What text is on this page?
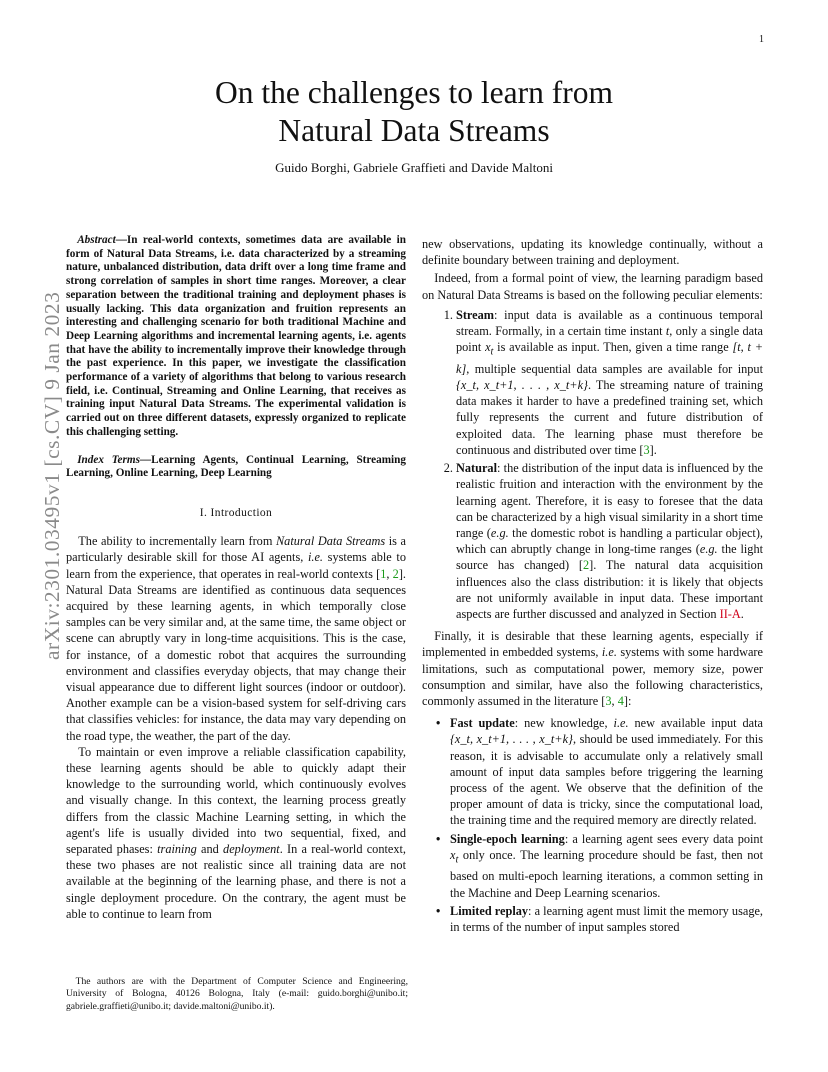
1
arXiv:2301.03495v1 [cs.CV] 9 Jan 2023
On the challenges to learn from
Natural Data Streams
Guido Borghi, Gabriele Graffieti and Davide Maltoni

Abstract—In real-world contexts, sometimes data are available in form of Natural Data Streams, i.e. data characterized by a streaming nature, unbalanced distribution, data drift over a long time frame and strong correlation of samples in short time ranges. Moreover, a clear separation between the traditional training and deployment phases is usually lacking. This data organization and fruition represents an interesting and challenging scenario for both traditional Machine and Deep Learning algorithms and incremental learning agents, i.e. agents that have the ability to incrementally improve their knowledge through the past experience. In this paper, we investigate the classification performance of a variety of algorithms that belong to various research field, i.e. Continual, Streaming and Online Learning, that receives as training input Natural Data Streams. The experimental validation is carried out on three different datasets, expressly organized to replicate this challenging setting.

Index Terms—Learning Agents, Continual Learning, Streaming Learning, Online Learning, Deep Learning

I. Introduction

The ability to incrementally learn from Natural Data Streams is a particularly desirable skill for those AI agents, i.e. systems able to learn from the experience, that operates in real-world contexts [1, 2]. Natural Data Streams are identified as continuous data sequences acquired by these learning agents, in which temporally close samples can be very similar and, at the same time, the same object or scene can abruptly vary in long-time acquisitions. This is the case, for instance, of a domestic robot that acquires the surrounding environment and classifies everyday objects, that may change their visual appearance due to different light sources (indoor or outdoor). Another example can be a vision-based system for self-driving cars that classifies vehicles: for instance, the data may vary depending on the road type, the weather, the part of the day.

To maintain or even improve a reliable classification capability, these learning agents should be able to quickly adapt their knowledge to the surrounding world, which continuously evolves and visually change. In this context, the learning process greatly differs from the classic Machine Learning setting, in which the agent's life is usually divided into two sequential, fixed, and separated phases: training and deployment. In a real-world context, these two phases are not realistic since all training data are not available at the beginning of the learning phase, and there is not a single deployment procedure. On the contrary, the agent must be able to continue to learn from

The authors are with the Department of Computer Science and Engineering, University of Bologna, 40126 Bologna, Italy (e-mail: guido.borghi@unibo.it; gabriele.graffieti@unibo.it; davide.maltoni@unibo.it).

new observations, updating its knowledge continually, without a definite boundary between training and deployment.

Indeed, from a formal point of view, the learning paradigm based on Natural Data Streams is based on the following peculiar elements:

1. Stream: input data is available as a continuous temporal stream. Formally, in a certain time instant t, only a single data point $x_t$ is available as input. Then, given a time range [t, t + k], multiple sequential data samples are available for input {x_t, x_t+1, . . . , x_t+k}. The streaming nature of training data makes it harder to have a predefined training set, which fully represents the current and future distribution of exploited data. The learning phase must therefore be continuous and distributed over time [3].
2. Natural: the distribution of the input data is influenced by the realistic fruition and interaction with the environment by the learning agent. Therefore, it is easy to foresee that the data can be characterized by a high visual similarity in a short time range (e.g. the domestic robot is handling a particular object), which can abruptly change in long-time ranges (e.g. the light source has changed) [2]. The natural data acquisition influences also the class distribution: it is likely that objects are not uniformly available in input data. These important aspects are further discussed and analyzed in Section II-A.

Finally, it is desirable that these learning agents, especially if implemented in embedded systems, i.e. systems with some hardware limitations, such as computational power, memory size, power consumption and similar, have also the following characteristics, commonly assumed in the literature [3, 4]:

• Fast update: new knowledge, i.e. new available input data {x_t, x_t+1, . . . , x_t+k}, should be used immediately. For this reason, it is advisable to accumulate only a relatively small amount of input data samples before triggering the learning process of the agent. We observe that the definition of the proper amount of data is tricky, since the computational load, the training time and the required memory are directly related.
• Single-epoch learning: a learning agent sees every data point $x_t$ only once. The learning procedure should be fast, then not based on multi-epoch learning iterations, a common setting in the Machine and Deep Learning scenarios.
• Limited replay: a learning agent must limit the memory usage, in terms of the number of input samples stored
